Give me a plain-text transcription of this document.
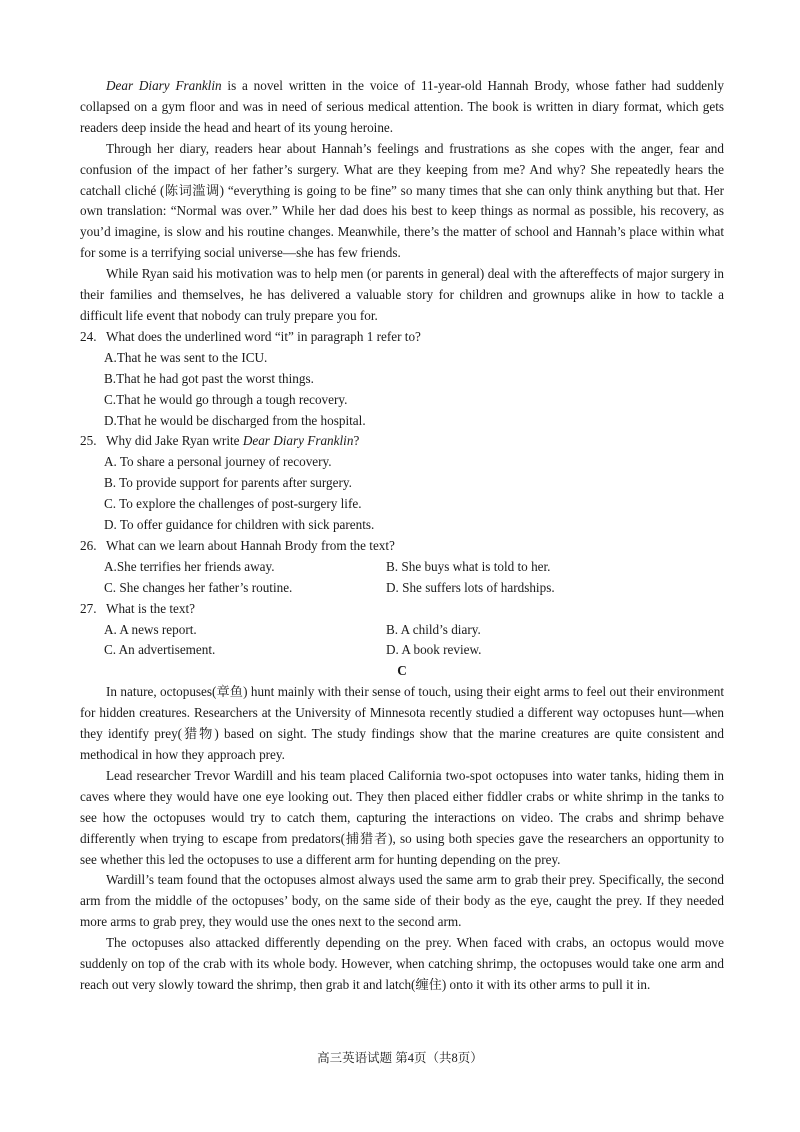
Dear Diary Franklin is a novel written in the voice of 11-year-old Hannah Brody, whose father had suddenly collapsed on a gym floor and was in need of serious medical attention. The book is written in diary format, which gets readers deep inside the head and heart of its young heroine.

Through her diary, readers hear about Hannah’s feelings and frustrations as she copes with the anger, fear and confusion of the impact of her father’s surgery. What are they keeping from me? And why? She repeatedly hears the catchall cliché (陈词滥调) “everything is going to be fine” so many times that she can only think anything but that. Her own translation: “Normal was over.” While her dad does his best to keep things as normal as possible, his recovery, as you’d imagine, is slow and his routine changes. Meanwhile, there’s the matter of school and Hannah’s place within what for some is a terrifying social universe—she has few friends.

While Ryan said his motivation was to help men (or parents in general) deal with the aftereffects of major surgery in their families and themselves, he has delivered a valuable story for children and grownups alike in how to tackle a difficult life event that nobody can truly prepare you for.

24. What does the underlined word “it” in paragraph 1 refer to?

A.That he was sent to the ICU.

B.That he had got past the worst things.

C.That he would go through a tough recovery.

D.That he would be discharged from the hospital.

25. Why did Jake Ryan write Dear Diary Franklin?

A. To share a personal journey of recovery.

B. To provide support for parents after surgery.

C. To explore the challenges of post-surgery life.

D. To offer guidance for children with sick parents.

26. What can we learn about Hannah Brody from the text?

A.She terrifies her friends away.	B. She buys what is told to her.
C. She changes her father’s routine.	D. She suffers lots of hardships.

27. What is the text?

A. A news report.	B. A child’s diary.
C. An advertisement.	D. A book review.

C

In nature, octopuses(章鱼) hunt mainly with their sense of touch, using their eight arms to feel out their environment for hidden creatures. Researchers at the University of Minnesota recently studied a different way octopuses hunt—when they identify prey(猎物) based on sight. The study findings show that the marine creatures are quite consistent and methodical in how they approach prey.

Lead researcher Trevor Wardill and his team placed California two-spot octopuses into water tanks, hiding them in caves where they would have one eye looking out. They then placed either fiddler crabs or white shrimp in the tanks to see how the octopuses would try to catch them, capturing the interactions on video. The crabs and shrimp behave differently when trying to escape from predators(捕猎者), so using both species gave the researchers an opportunity to see whether this led the octopuses to use a different arm for hunting depending on the prey.

Wardill’s team found that the octopuses almost always used the same arm to grab their prey. Specifically, the second arm from the middle of the octopuses’ body, on the same side of their body as the eye, caught the prey. If they needed more arms to grab prey, they would use the ones next to the second arm.

The octopuses also attacked differently depending on the prey. When faced with crabs, an octopus would move suddenly on top of the crab with its whole body. However, when catching shrimp, the octopuses would take one arm and reach out very slowly toward the shrimp, then grab it and latch(缠住) onto it with its other arms to pull it in.

高三英语试题 第4页（共8页）
